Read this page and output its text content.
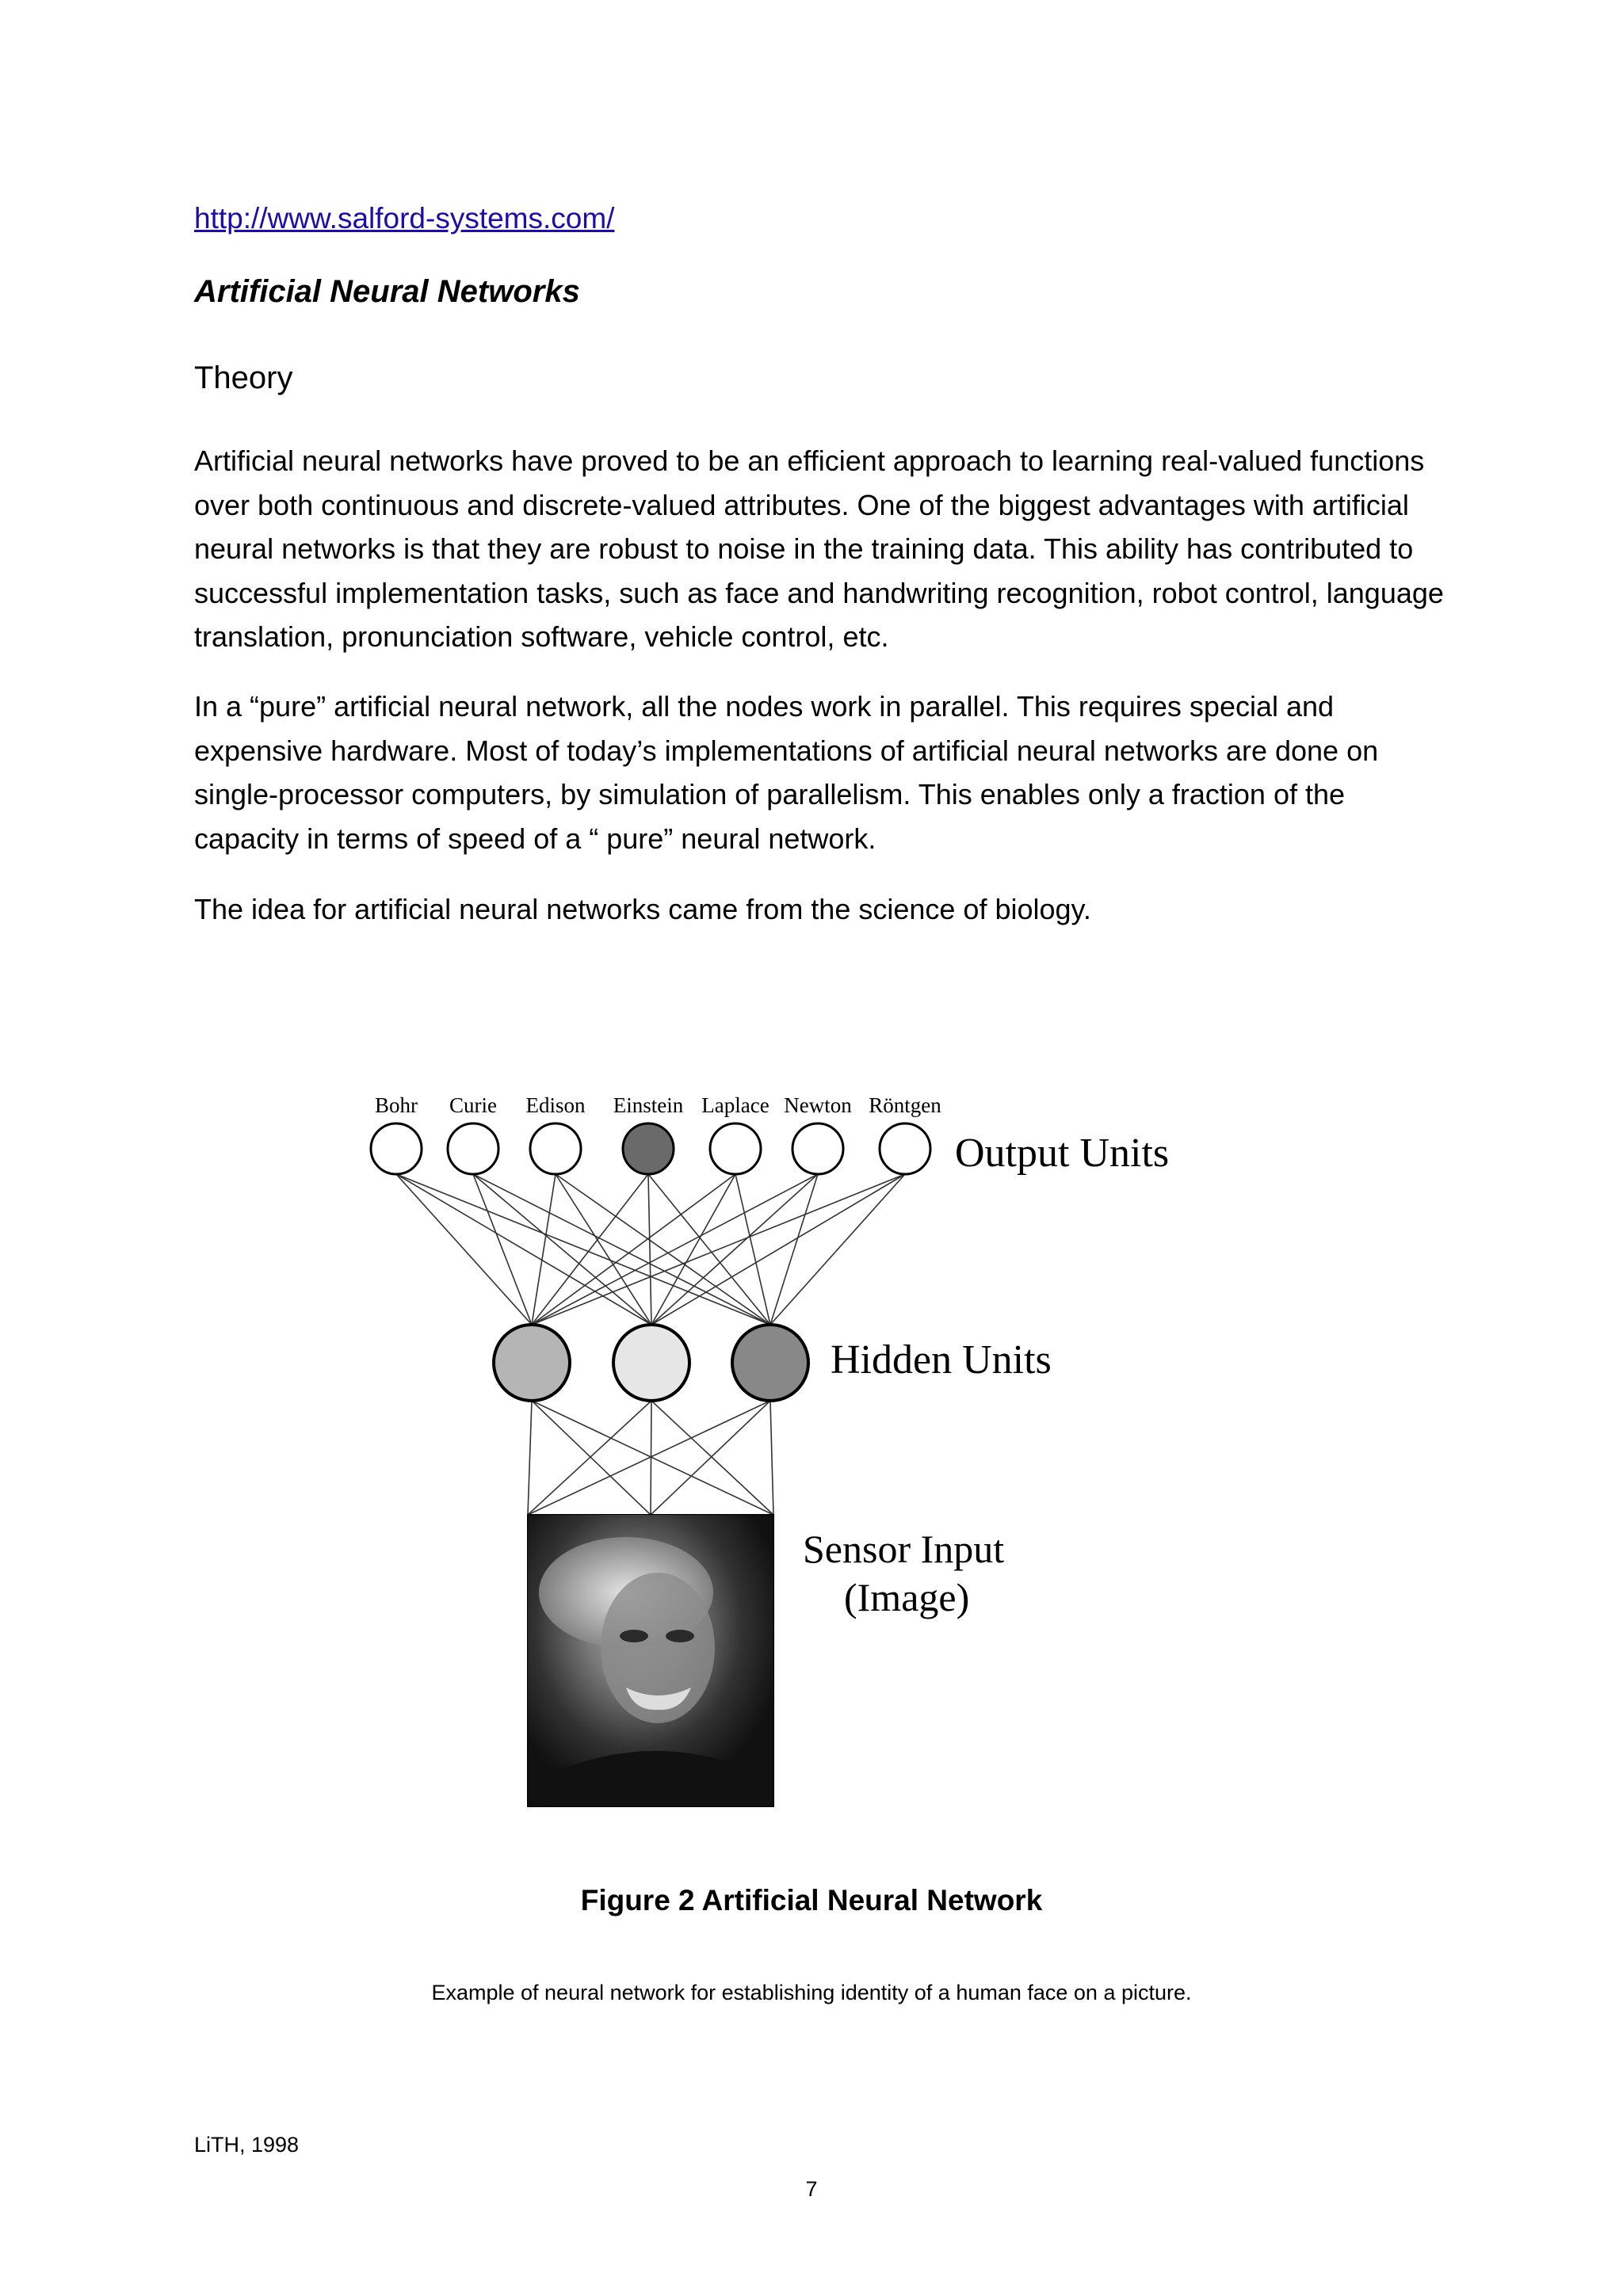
http://www.salford-systems.com/
Artificial Neural Networks
Theory

Artificial neural networks have proved to be an efficient approach to learning real-valued functions over both continuous and discrete-valued attributes. One of the biggest advantages with artificial neural networks is that they are robust to noise in the training data. This ability has contributed to successful implementation tasks, such as face and handwriting recognition, robot control, language translation, pronunciation software, vehicle control, etc.

In a “pure” artificial neural network, all the nodes work in parallel. This requires special and expensive hardware. Most of today’s implementations of artificial neural networks are done on single-processor computers, by simulation of parallelism. This enables only a fraction of the capacity in terms of speed of a “ pure” neural network.

The idea for artificial neural networks came from the science of biology.

Bohr Curie Edison Einstein Laplace Newton Röntgen
Output Units
Hidden Units
Sensor Input
(Image)
Figure 2 Artificial Neural Network
Example of neural network for establishing identity of a human face on a picture.
LiTH, 1998
7
